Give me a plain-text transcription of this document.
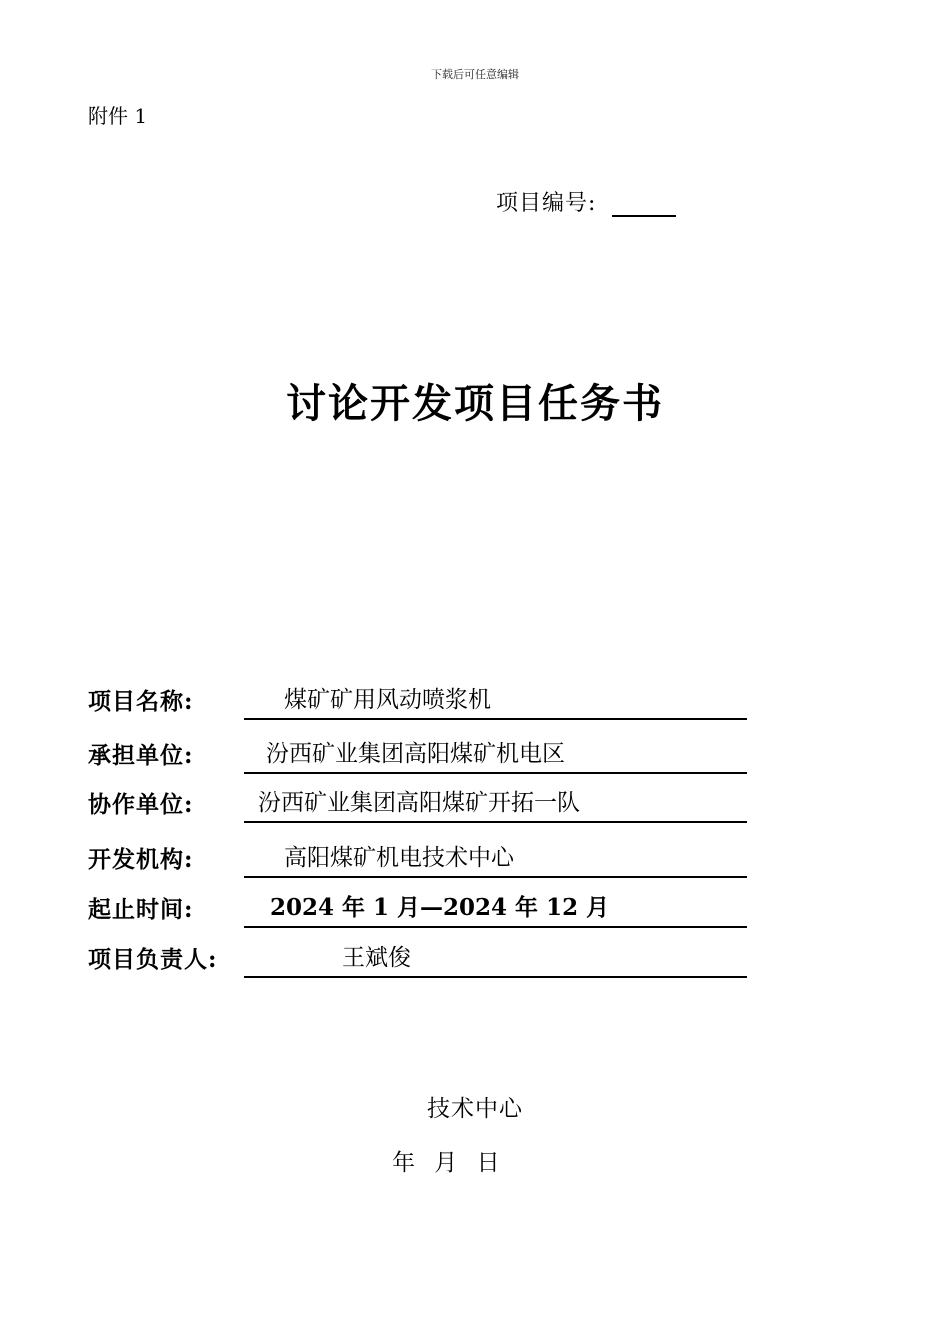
下载后可任意编辑
附件 1
项目编号:
讨论开发项目任务书
项目名称:	煤矿矿用风动喷浆机
承担单位:	汾西矿业集团高阳煤矿机电区
协作单位:	汾西矿业集团高阳煤矿开拓一队
开发机构:	高阳煤矿机电技术中心
起止时间:	2024 年 1 月—2024 年 12 月
项目负责人:	王斌俊
技术中心
年 月 日
